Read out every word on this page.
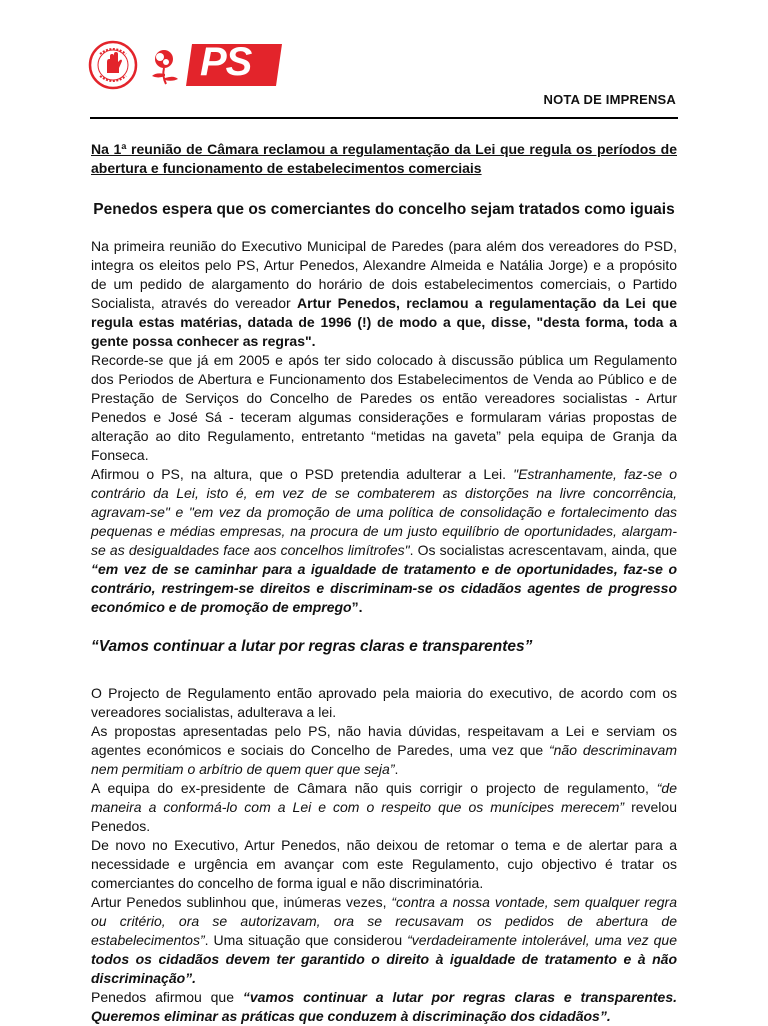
PS
NOTA DE IMPRENSA

Na 1ª reunião de Câmara reclamou a regulamentação da Lei que regula os períodos de abertura e funcionamento de estabelecimentos comerciais

Penedos espera que os comerciantes do concelho sejam tratados como iguais

Na primeira reunião do Executivo Municipal de Paredes (para além dos vereadores do PSD, integra os eleitos pelo PS, Artur Penedos, Alexandre Almeida e Natália Jorge) e a propósito de um pedido de alargamento do horário de dois estabelecimentos comerciais, o Partido Socialista, através do vereador Artur Penedos, reclamou a regulamentação da Lei que regula estas matérias, datada de 1996 (!) de modo a que, disse, "desta forma, toda a gente possa conhecer as regras".

Recorde-se que já em 2005 e após ter sido colocado à discussão pública um Regulamento dos Periodos de Abertura e Funcionamento dos Estabelecimentos de Venda ao Público e de Prestação de Serviços do Concelho de Paredes os então vereadores socialistas - Artur Penedos e José Sá - teceram algumas considerações e formularam várias propostas de alteração ao dito Regulamento, entretanto “metidas na gaveta” pela equipa de Granja da Fonseca.

Afirmou o PS, na altura, que o PSD pretendia adulterar a Lei. "Estranhamente, faz-se o contrário da Lei, isto é, em vez de se combaterem as distorções na livre concorrência, agravam-se" e "em vez da promoção de uma política de consolidação e fortalecimento das pequenas e médias empresas, na procura de um justo equilíbrio de oportunidades, alargam-se as desigualdades face aos concelhos limítrofes". Os socialistas acrescentavam, ainda, que “em vez de se caminhar para a igualdade de tratamento e de oportunidades, faz-se o contrário, restringem-se direitos e discriminam-se os cidadãos agentes de progresso económico e de promoção de emprego”.

“Vamos continuar a lutar por regras claras e transparentes”

O Projecto de Regulamento então aprovado pela maioria do executivo, de acordo com os vereadores socialistas, adulterava a lei.

As propostas apresentadas pelo PS, não havia dúvidas, respeitavam a Lei e serviam os agentes económicos e sociais do Concelho de Paredes, uma vez que “não descriminavam nem permitiam o arbítrio de quem quer que seja”.

A equipa do ex-presidente de Câmara não quis corrigir o projecto de regulamento, “de maneira a conformá-lo com a Lei e com o respeito que os munícipes merecem” revelou Penedos.

De novo no Executivo, Artur Penedos, não deixou de retomar o tema e de alertar para a necessidade e urgência em avançar com este Regulamento, cujo objectivo é tratar os comerciantes do concelho de forma igual e não discriminatória.

Artur Penedos sublinhou que, inúmeras vezes, “contra a nossa vontade, sem qualquer regra ou critério, ora se autorizavam, ora se recusavam os pedidos de abertura de estabelecimentos”. Uma situação que considerou “verdadeiramente intolerável, uma vez que todos os cidadãos devem ter garantido o direito à igualdade de tratamento e à não discriminação”.

Penedos afirmou que “vamos continuar a lutar por regras claras e transparentes. Queremos eliminar as práticas que conduzem à discriminação dos cidadãos”.
